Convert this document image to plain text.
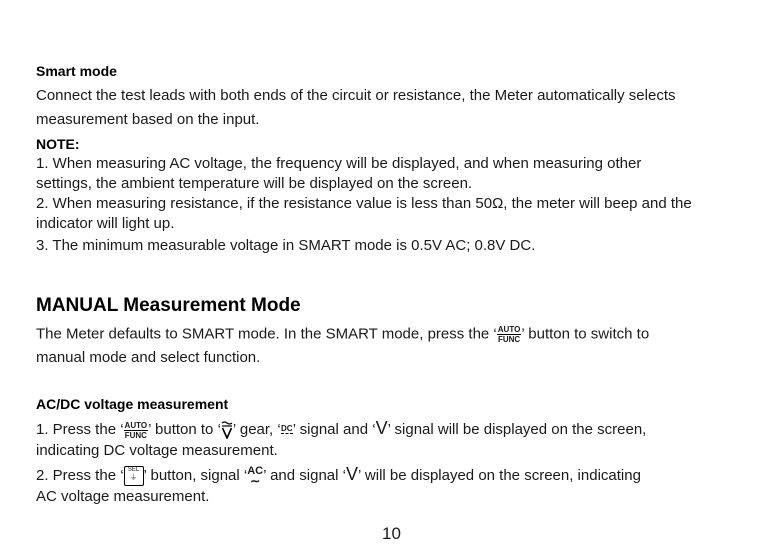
Smart mode
Connect the test leads with both ends of the circuit or resistance, the Meter automatically selects
measurement based on the input.
NOTE:
1. When measuring AC voltage, the frequency will be displayed, and when measuring other
settings, the ambient temperature will be displayed on the screen.
2. When measuring resistance, if the resistance value is less than 50Ω, the meter will beep and the
indicator will light up.
3. The minimum measurable voltage in SMART mode is 0.5V AC; 0.8V DC.
MANUAL Measurement Mode
The Meter defaults to SMART mode. In the SMART mode, press the ‘ $\frac{\text{AUTO}}{\text{FUNC}}$ ’ button to switch to
manual mode and select function.
AC/DC voltage measurement
1. Press the ‘ $\frac{\text{AUTO}}{\text{FUNC}}$ ’ button to ‘ ’ gear, ‘ DC ’ signal and ‘V’ signal will be displayed on the screen,
indicating DC voltage measurement.
2. Press the ‘ SEL
⏚ ’ button, signal ‘ AC
∼ ’ and signal ‘V’ will be displayed on the screen, indicating
AC voltage measurement.
10
